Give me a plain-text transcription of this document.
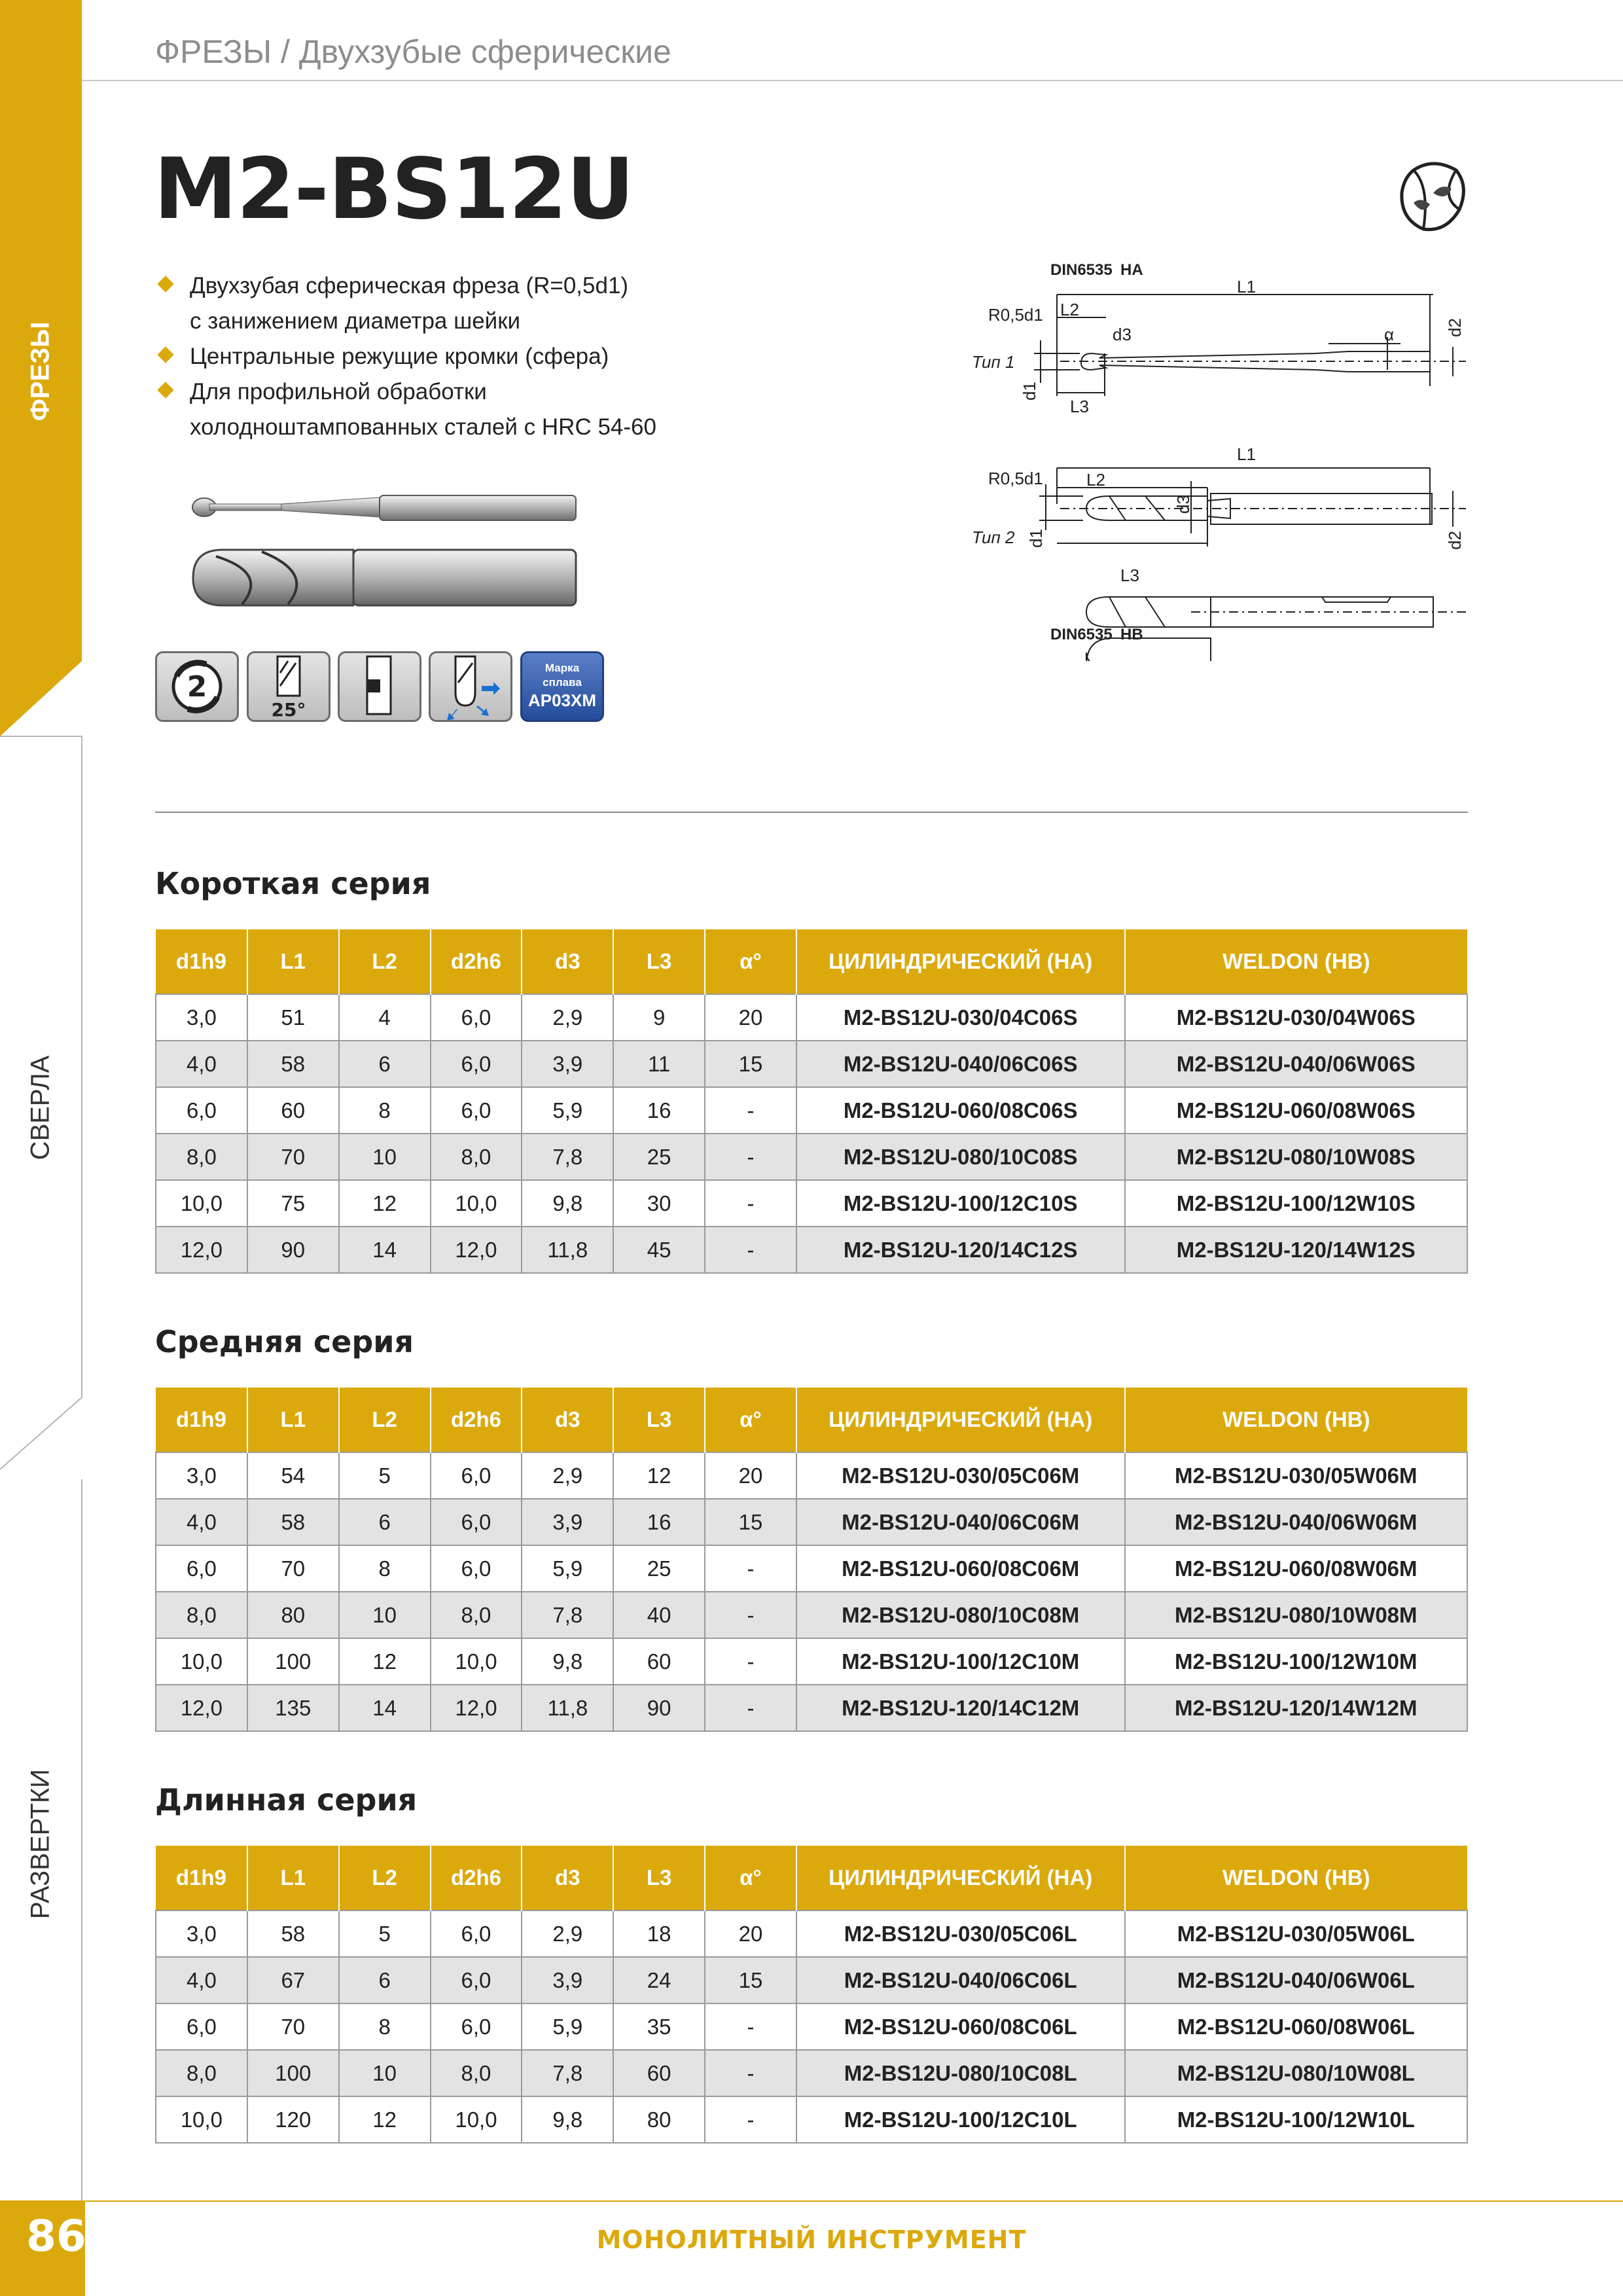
ФРЕЗЫ
СВЕРЛА
РАЗВЕРТКИ
ФРЕЗЫ / Двухзубые сферические
M2-BS12U
Двухзубая сферическая фреза (R=0,5d1)
с занижением диаметра шейки
Центральные режущие кромки (сфера)
Для профильной обработки
холодноштампованных сталей с HRC 54-60
2
25°
Марка
сплава
AP03XM
DIN6535 HA
L1
R0,5d1 L2
d3	α
Тип 1
L3
d1
d2
L1
R0,5d1	L2
d3
Тип 2
L3
d1	d2
DIN6535 HB
Короткая серия
d1h9	L1	L2	d2h6	d3	L3	α°	ЦИЛИНДРИЧЕСКИЙ (HA)	WELDON (HB)
3,0	51	4	6,0	2,9	9	20	M2-BS12U-030/04C06S	M2-BS12U-030/04W06S
4,0	58	6	6,0	3,9	11	15	M2-BS12U-040/06C06S	M2-BS12U-040/06W06S
6,0	60	8	6,0	5,9	16	-	M2-BS12U-060/08C06S	M2-BS12U-060/08W06S
8,0	70	10	8,0	7,8	25	-	M2-BS12U-080/10C08S	M2-BS12U-080/10W08S
10,0	75	12	10,0	9,8	30	-	M2-BS12U-100/12C10S	M2-BS12U-100/12W10S
12,0	90	14	12,0	11,8	45	-	M2-BS12U-120/14C12S	M2-BS12U-120/14W12S
Средняя серия
d1h9	L1	L2	d2h6	d3	L3	α°	ЦИЛИНДРИЧЕСКИЙ (HA)	WELDON (HB)
3,0	54	5	6,0	2,9	12	20	M2-BS12U-030/05C06M	M2-BS12U-030/05W06M
4,0	58	6	6,0	3,9	16	15	M2-BS12U-040/06C06M	M2-BS12U-040/06W06M
6,0	70	8	6,0	5,9	25	-	M2-BS12U-060/08C06M	M2-BS12U-060/08W06M
8,0	80	10	8,0	7,8	40	-	M2-BS12U-080/10C08M	M2-BS12U-080/10W08M
10,0	100	12	10,0	9,8	60	-	M2-BS12U-100/12C10M	M2-BS12U-100/12W10M
12,0	135	14	12,0	11,8	90	-	M2-BS12U-120/14C12M	M2-BS12U-120/14W12M
Длинная серия
d1h9	L1	L2	d2h6	d3	L3	α°	ЦИЛИНДРИЧЕСКИЙ (HA)	WELDON (HB)
3,0	58	5	6,0	2,9	18	20	M2-BS12U-030/05C06L	M2-BS12U-030/05W06L
4,0	67	6	6,0	3,9	24	15	M2-BS12U-040/06C06L	M2-BS12U-040/06W06L
6,0	70	8	6,0	5,9	35	-	M2-BS12U-060/08C06L	M2-BS12U-060/08W06L
8,0	100	10	8,0	7,8	60	-	M2-BS12U-080/10C08L	M2-BS12U-080/10W08L
10,0	120	12	10,0	9,8	80	-	M2-BS12U-100/12C10L	M2-BS12U-100/12W10L
86	МОНОЛИТНЫЙ ИНСТРУМЕНТ
